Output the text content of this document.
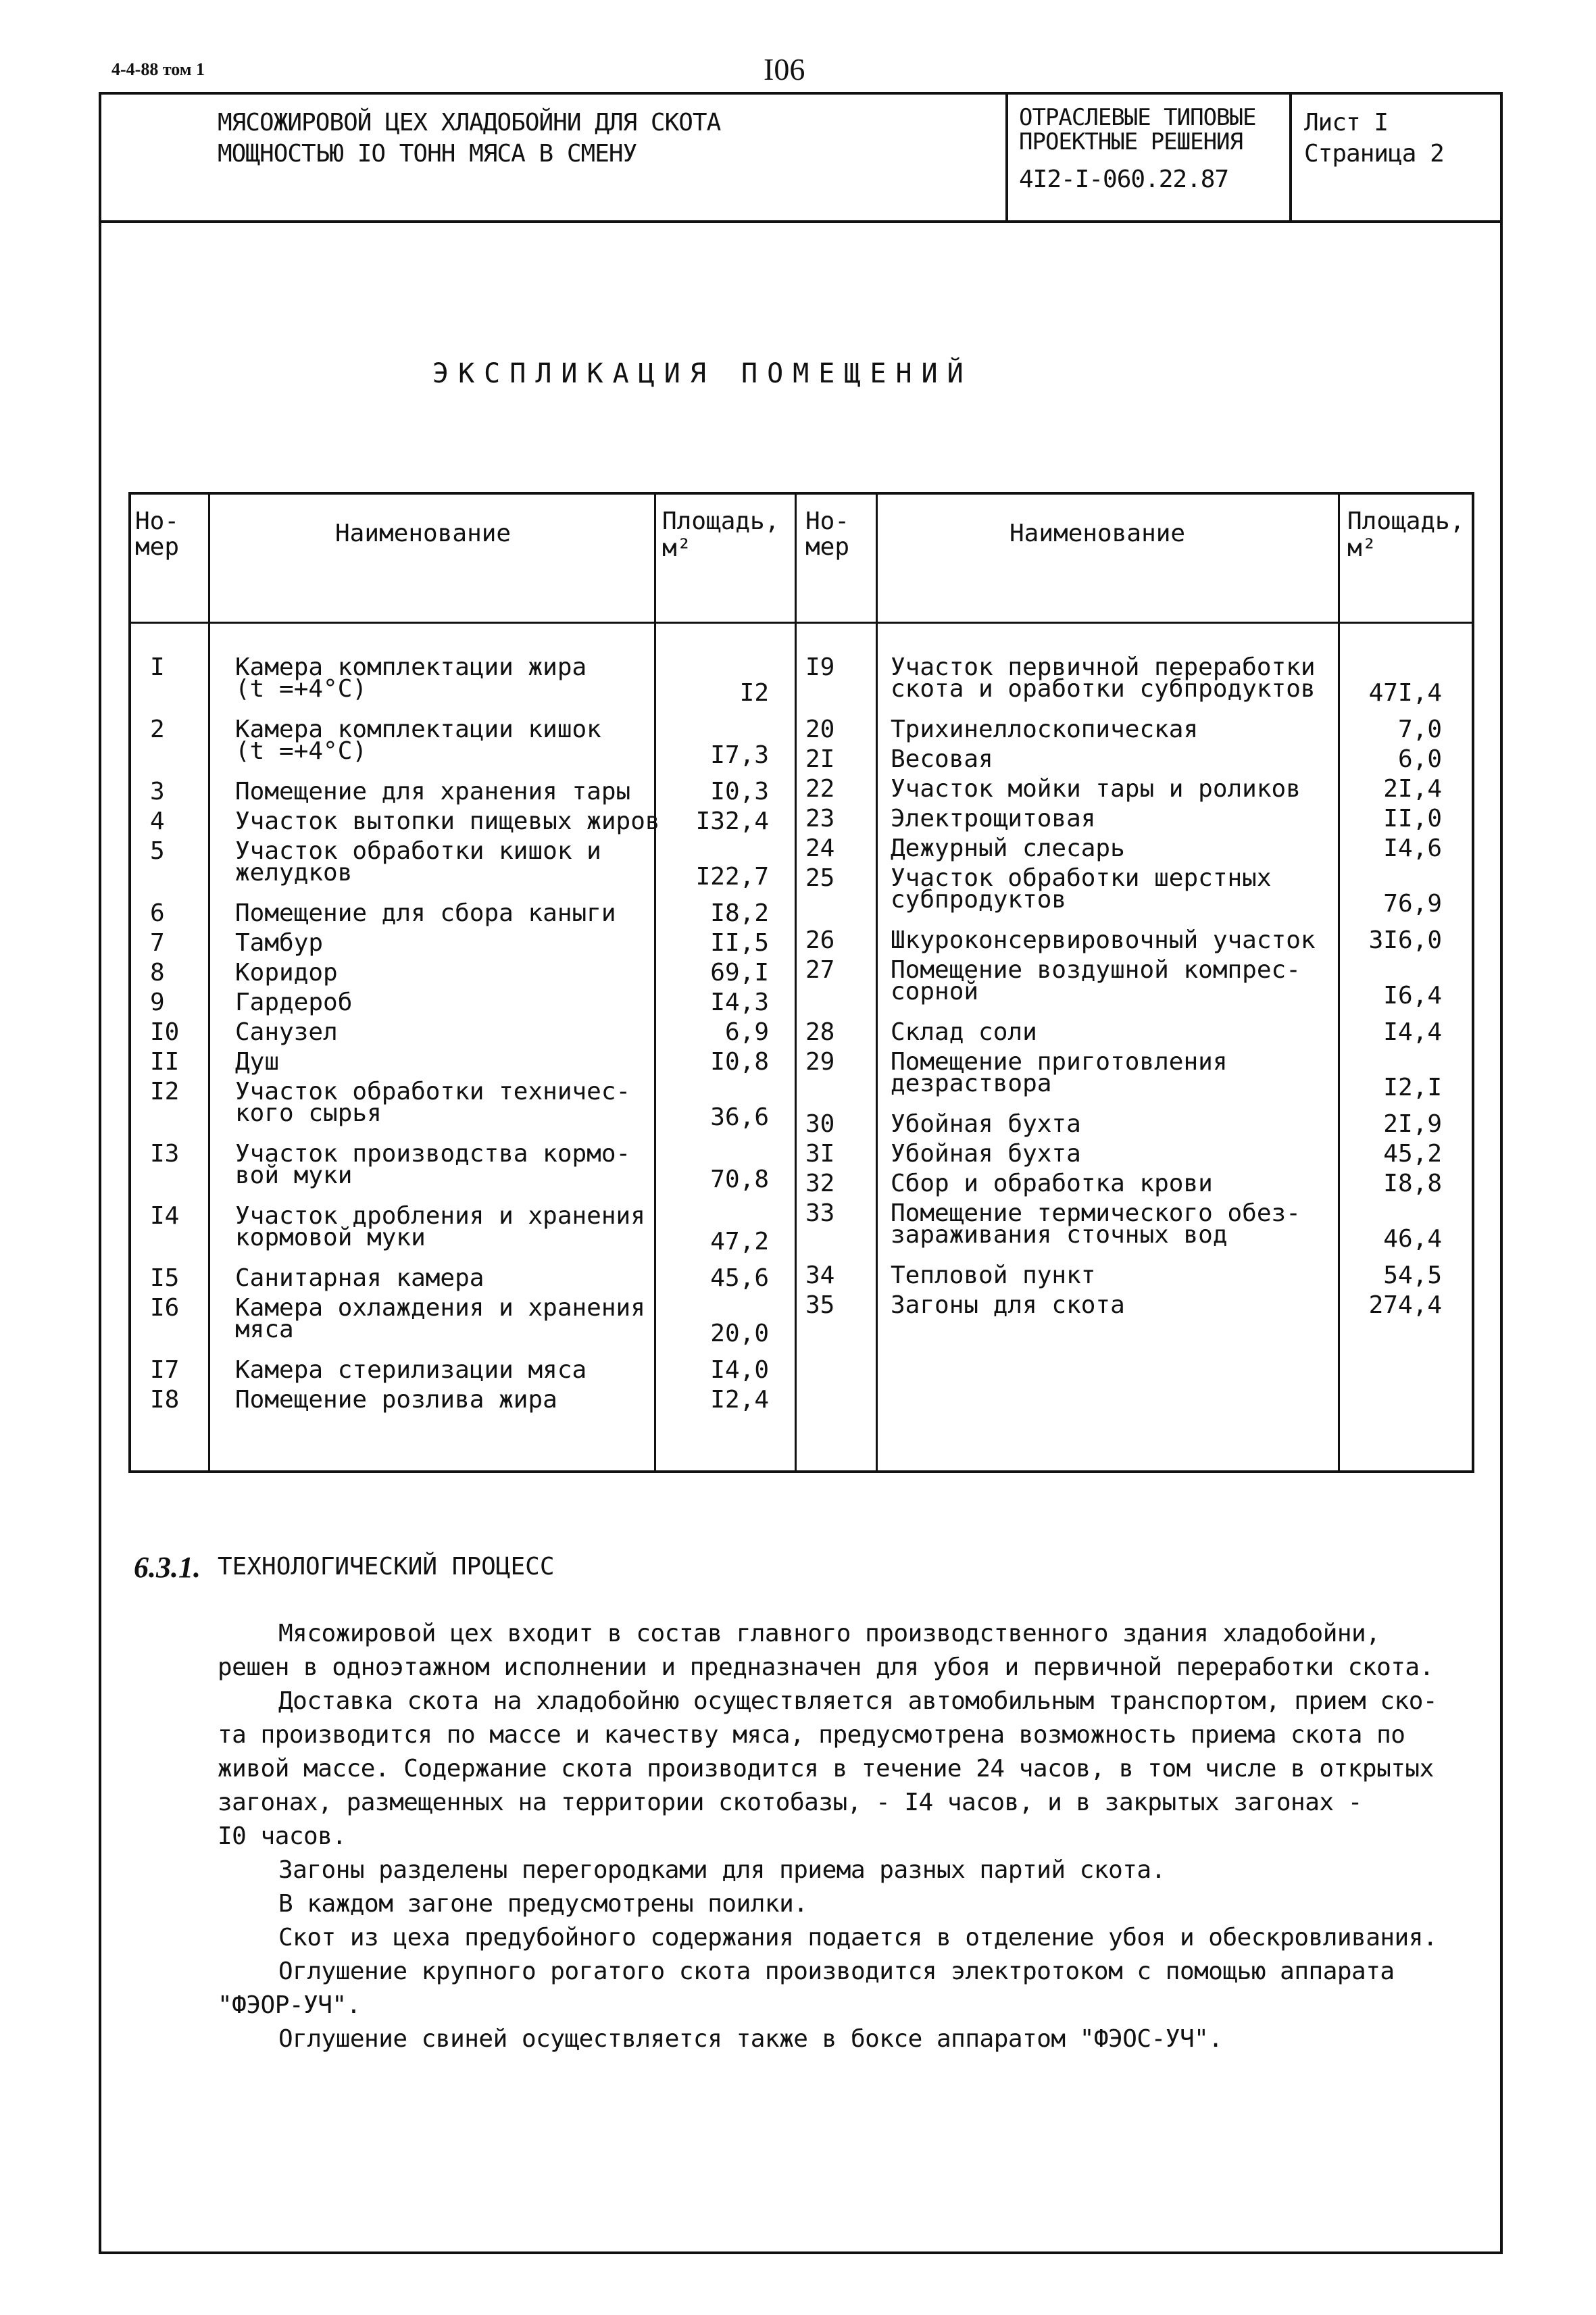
4-4-88 том 1	I06
МЯСОЖИРОВОЙ ЦЕХ ХЛАДОБОЙНИ ДЛЯ СКОТА
МОЩНОСТЬЮ IO ТОНН МЯСА В СМЕНУ
ОТРАСЛЕВЫЕ ТИПОВЫЕ
ПРОЕКТНЫЕ РЕШЕНИЯ
4I2-I-060.22.87
Лист I
Страница 2
ЭКСПЛИКАЦИЯ ПОМЕЩЕНИЙ
Но-
мер	Наименование	Площадь,
м²
Но-
мер	Наименование	Площадь,
м²
I	Камера комплектации жира
(t =+4°C)	I2
2	Камера комплектации кишок
(t =+4°C)	I7,3
3	Помещение для хранения тары	I0,3
4	Участок вытопки пищевых жиров	I32,4
5	Участок обработки кишок и
желудков	I22,7
6	Помещение для сбора каныги	I8,2
7	Тамбур	II,5
8	Коридор	69,I
9	Гардероб	I4,3
I0 Санузел	6,9
II Душ	I0,8
I2 Участок обработки техничес-
кого сырья	36,6
I3 Участок производства кормо-
вой муки	70,8
I4 Участок дробления и хранения
кормовой муки	47,2
I5 Санитарная камера	45,6
I6 Камера охлаждения и хранения
мяса	20,0
I7 Камера стерилизации мяса	I4,0
I8 Помещение розлива жира	I2,4
I9 Участок первичной переработки
скота и оработки субпродуктов	47I,4
20 Трихинеллоскопическая	7,0
2I Весовая	6,0
22 Участок мойки тары и роликов	2I,4
23 Электрощитовая	II,0
24 Дежурный слесарь	I4,6
25 Участок обработки шерстных
субпродуктов	76,9
26 Шкуроконсервировочный участок	3I6,0
27 Помещение воздушной компрес-
сорной	I6,4
28 Склад соли	I4,4
29 Помещение приготовления
дезраствора	I2,I
30 Убойная бухта	2I,9
3I Убойная бухта	45,2
32 Сбор и обработка крови	I8,8
33 Помещение термического обез-
зараживания сточных вод	46,4
34 Тепловой пункт	54,5
35 Загоны для скота	274,4
6.3.1. ТЕХНОЛОГИЧЕСКИЙ ПРОЦЕСС
Мясожировой цех входит в состав главного производственного здания хладобойни,
решен в одноэтажном исполнении и предназначен для убоя и первичной переработки скота.
Доставка скота на хладобойню осуществляется автомобильным транспортом, прием ско-
та производится по массе и качеству мяса, предусмотрена возможность приема скота по
живой массе. Содержание скота производится в течение 24 часов, в том числе в открытых
загонах, размещенных на территории скотобазы, - I4 часов, и в закрытых загонах -
I0 часов.
Загоны разделены перегородками для приема разных партий скота.
В каждом загоне предусмотрены поилки.
Скот из цеха предубойного содержания подается в отделение убоя и обескровливания.
Оглушение крупного рогатого скота производится электротоком с помощью аппарата
"ФЭОР-УЧ".
Оглушение свиней осуществляется также в боксе аппаратом "ФЭОС-УЧ".
